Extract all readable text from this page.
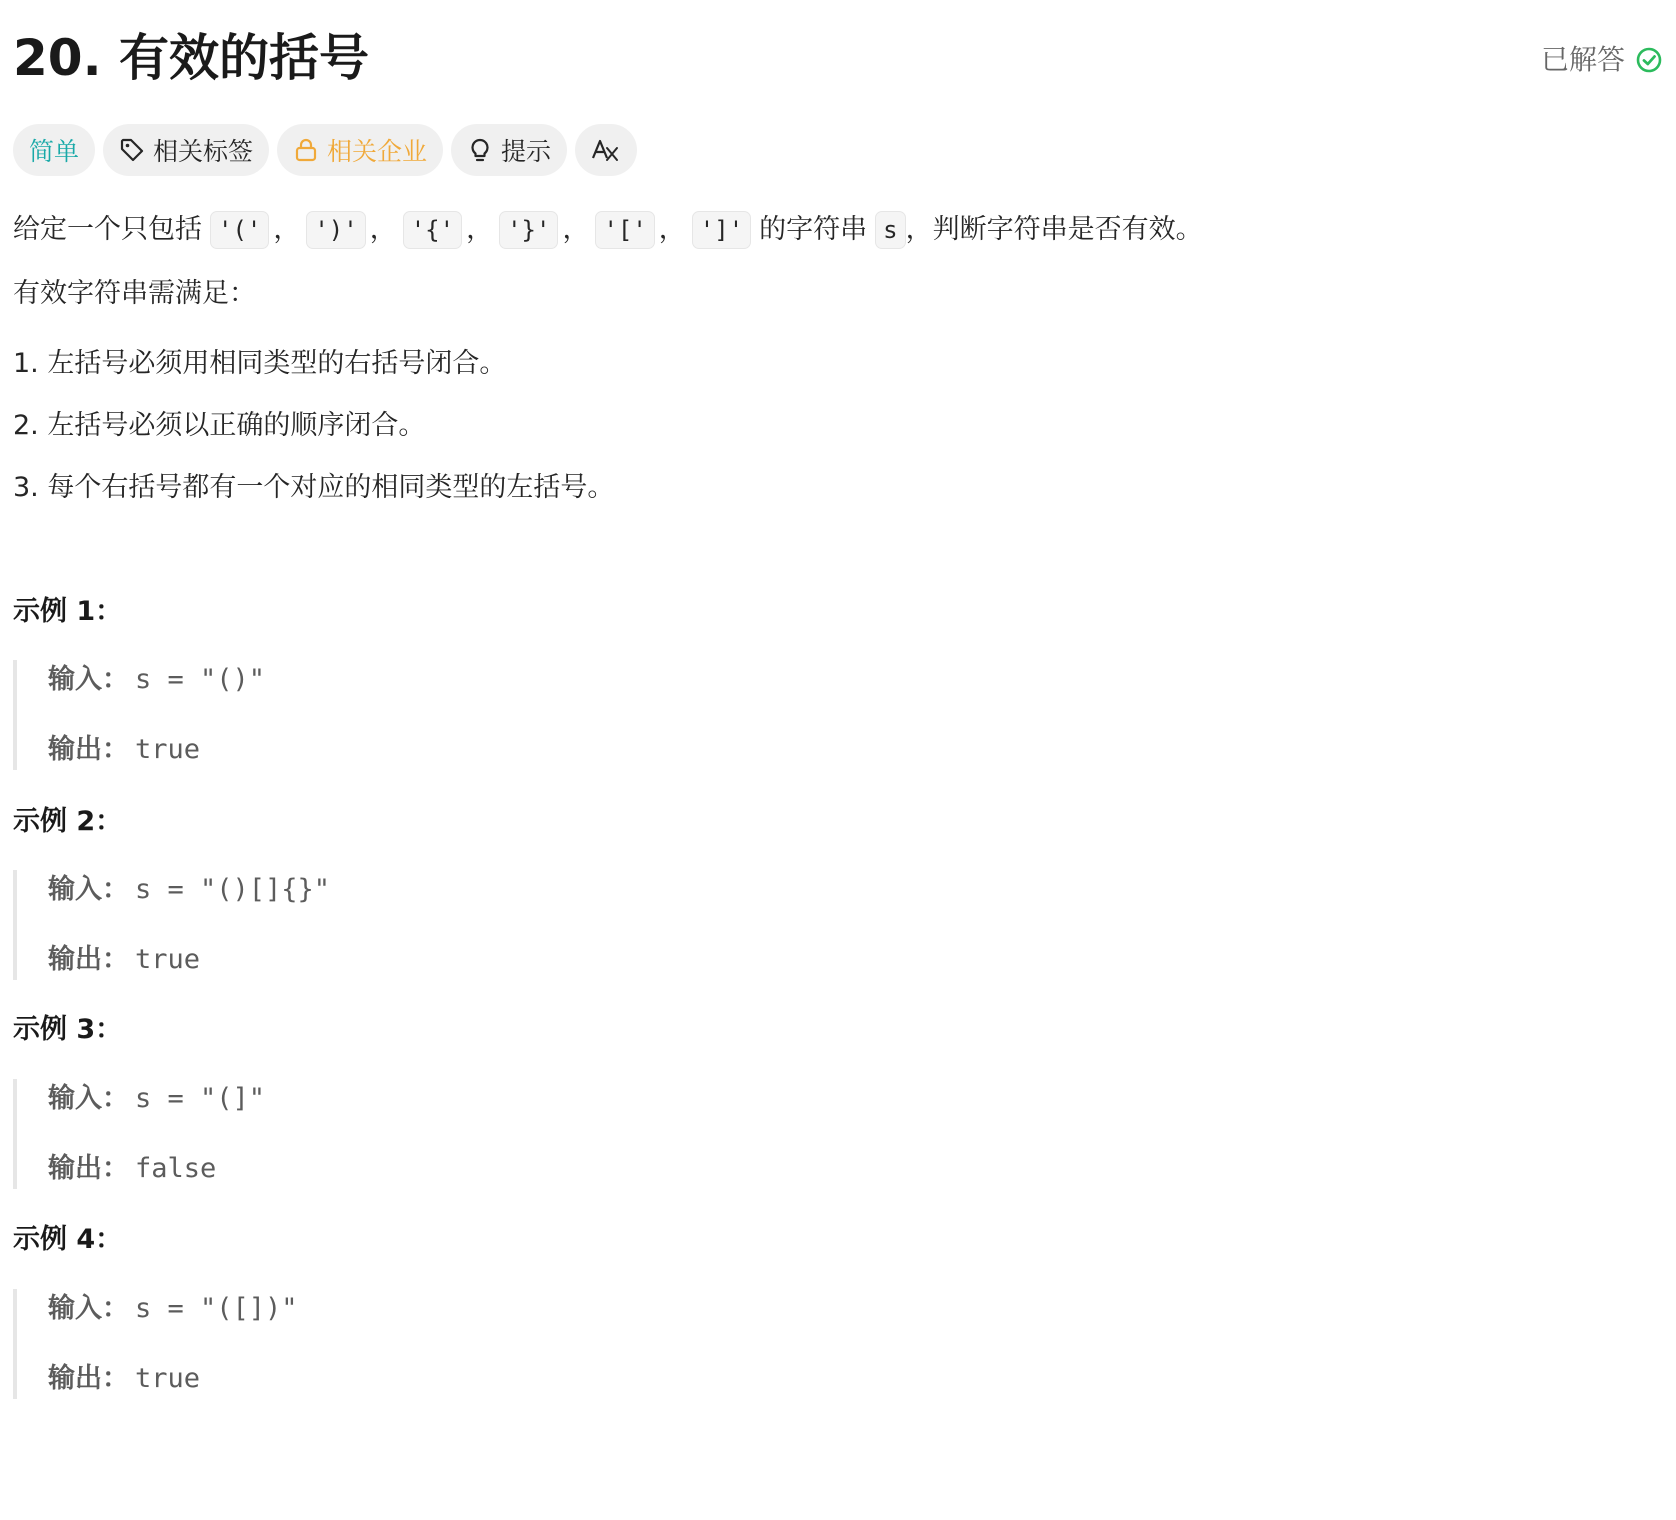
20. 有效的括号	已解答
简单	相关标签	相关企业	提示

给定一个只包括 '(' ， ')' ， '{' ， '}' ， '[' ， ']' 的字符串 s ，判断字符串是否有效。

有效字符串需满足：

1. 左括号必须用相同类型的右括号闭合。
2. 左括号必须以正确的顺序闭合。
3. 每个右括号都有一个对应的相同类型的左括号。
示例 1：
输入： s = "()"
输出： true
示例 2：
输入： s = "()[]{}"
输出： true
示例 3：
输入： s = "(]"
输出： false
示例 4：
输入： s = "([])"
输出： true
